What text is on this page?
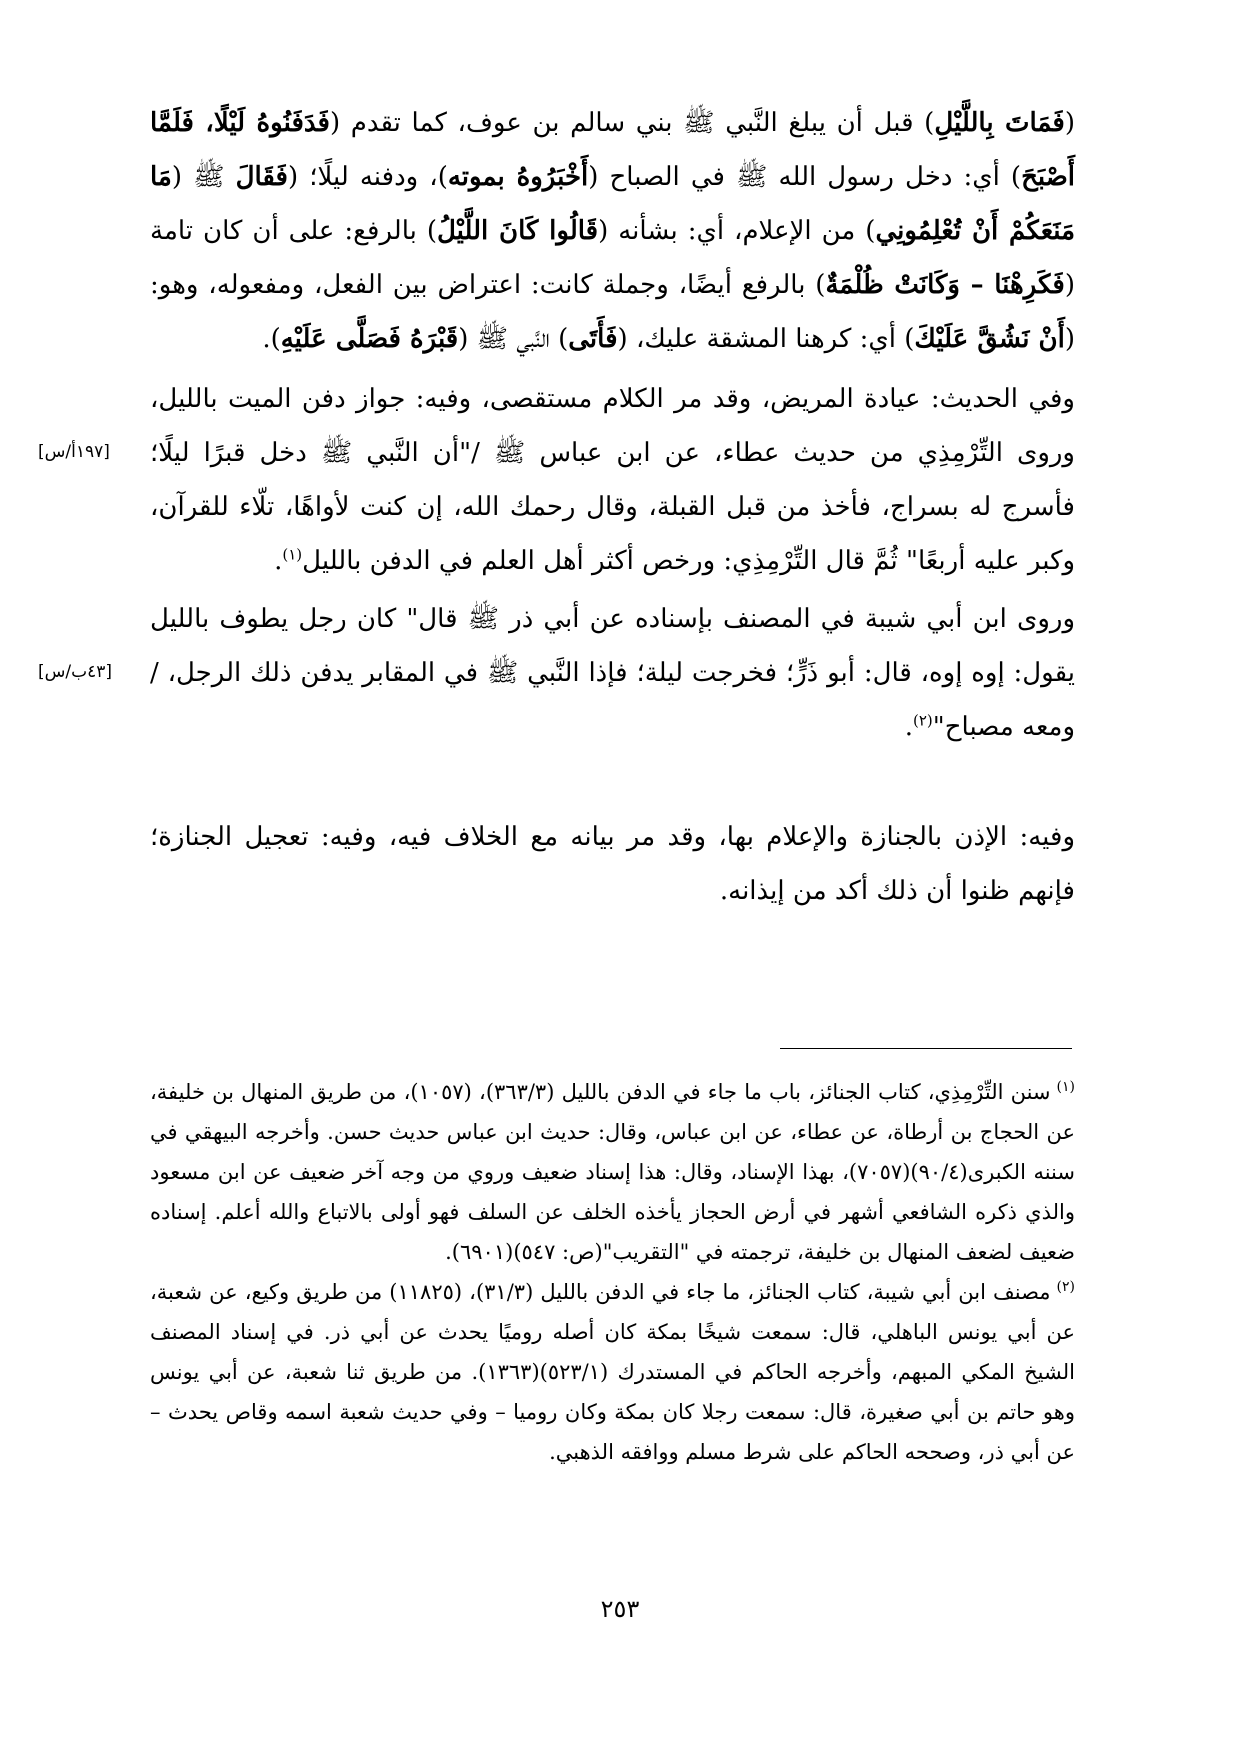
(فَمَاتَ بِاللَّيْلِ) قبل أن يبلغ النَّبي ﷺ بني سالم بن عوف، كما تقدم (فَدَفَنُوهُ لَيْلًا، فَلَمَّا أَصْبَحَ) أي: دخل رسول الله ﷺ في الصباح (أَخْبَرُوهُ بموته)، ودفنه ليلًا؛ (فَقَالَ ﷺ (مَا مَنَعَكُمْ أَنْ تُعْلِمُونِي) من الإعلام، أي: بشأنه (قَالُوا كَانَ اللَّيْلُ) بالرفع: على أن كان تامة (فَكَرِهْنَا – وَكَانَتْ ظُلْمَةٌ) بالرفع أيضًا، وجملة كانت: اعتراض بين الفعل، ومفعوله، وهو: (أَنْ نَشُقَّ عَلَيْكَ) أي: كرهنا المشقة عليك، (فَأَتَى) النَّبي ﷺ (قَبْرَهُ فَصَلَّى عَلَيْهِ).

وفي الحديث: عيادة المريض، وقد مر الكلام مستقصى، وفيه: جواز دفن الميت بالليل، وروى التِّرْمِذِي من حديث عطاء، عن ابن عباس ﷺ /"أن النَّبي ﷺ دخل قبرًا ليلًا؛ فأسرج له بسراج، فأخذ من قبل القبلة، وقال رحمك الله، إن كنت لأواهًا، تلّاء للقرآن، وكبر عليه أربعًا" ثُمَّ قال التِّرْمِذِي: ورخص أكثر أهل العلم في الدفن بالليل$^{(١)}$.

[١٩٧أ/س]

وروى ابن أبي شيبة في المصنف بإسناده عن أبي ذر ﷺ قال" كان رجل يطوف بالليل يقول: إوه إوه، قال: أبو ذَرٍّ؛ فخرجت ليلة؛ فإذا النَّبي ﷺ في المقابر يدفن ذلك الرجل، /ومعه مصباح"$^{(٢)}$.

[٤٣ب/س]

وفيه: الإذن بالجنازة والإعلام بها، وقد مر بيانه مع الخلاف فيه، وفيه: تعجيل الجنازة؛ فإنهم ظنوا أن ذلك أكد من إيذانه.

$^{(١)}$سنن التِّرْمِذِي، كتاب الجنائز، باب ما جاء في الدفن بالليل (٣٦٣/٣)، (١٠٥٧)، من طريق المنهال بن خليفة، عن الحجاج بن أرطاة، عن عطاء، عن ابن عباس، وقال: حديث ابن عباس حديث حسن. وأخرجه البيهقي في سننه الكبرى(٩٠/٤)(٧٠٥٧)، بهذا الإسناد، وقال: هذا إسناد ضعيف وروي من وجه آخر ضعيف عن ابن مسعود والذي ذكره الشافعي أشهر في أرض الحجاز يأخذه الخلف عن السلف فهو أولى بالاتباع والله أعلم. إسناده ضعيف لضعف المنهال بن خليفة، ترجمته في "التقريب"(ص: ٥٤٧)(٦٩٠١).

$^{(٢)}$مصنف ابن أبي شيبة، كتاب الجنائز، ما جاء في الدفن بالليل (٣١/٣)، (١١٨٢٥) من طريق وكيع، عن شعبة، عن أبي يونس الباهلي، قال: سمعت شيخًا بمكة كان أصله روميًا يحدث عن أبي ذر. في إسناد المصنف الشيخ المكي المبهم، وأخرجه الحاكم في المستدرك (٥٢٣/١)(١٣٦٣). من طريق ثنا شعبة، عن أبي يونس وهو حاتم بن أبي صغيرة، قال: سمعت رجلا كان بمكة وكان روميا – وفي حديث شعبة اسمه وقاص يحدث – عن أبي ذر، وصححه الحاكم على شرط مسلم ووافقه الذهبي.

٢٥٣
